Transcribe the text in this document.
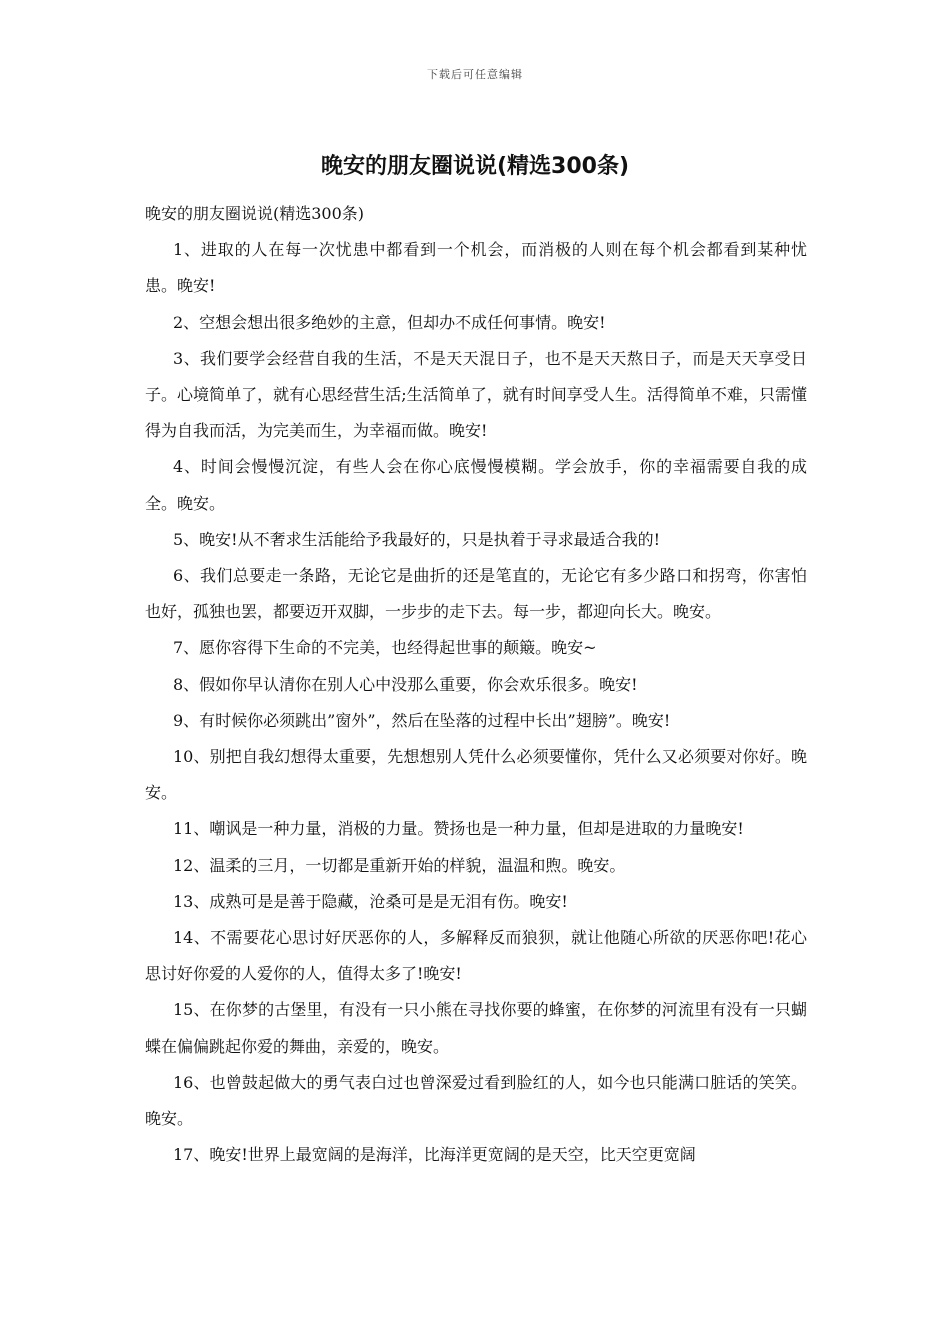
下载后可任意编辑
晚安的朋友圈说说(精选300条)

晚安的朋友圈说说(精选300条)

1、进取的人在每一次忧患中都看到一个机会，而消极的人则在每个机会都看到某种忧患。晚安!

2、空想会想出很多绝妙的主意，但却办不成任何事情。晚安!

3、我们要学会经营自我的生活，不是天天混日子，也不是天天熬日子，而是天天享受日子。心境简单了，就有心思经营生活;生活简单了，就有时间享受人生。活得简单不难，只需懂得为自我而活，为完美而生，为幸福而做。晚安!

4、时间会慢慢沉淀，有些人会在你心底慢慢模糊。学会放手，你的幸福需要自我的成全。晚安。

5、晚安!从不奢求生活能给予我最好的，只是执着于寻求最适合我的!

6、我们总要走一条路，无论它是曲折的还是笔直的，无论它有多少路口和拐弯，你害怕也好，孤独也罢，都要迈开双脚，一步步的走下去。每一步，都迎向长大。晚安。

7、愿你容得下生命的不完美，也经得起世事的颠簸。晚安~

8、假如你早认清你在别人心中没那么重要，你会欢乐很多。晚安!

9、有时候你必须跳出”窗外”，然后在坠落的过程中长出”翅膀”。晚安!

10、别把自我幻想得太重要，先想想别人凭什么必须要懂你，凭什么又必须要对你好。晚安。

11、嘲讽是一种力量，消极的力量。赞扬也是一种力量，但却是进取的力量晚安!

12、温柔的三月，一切都是重新开始的样貌，温温和煦。晚安。

13、成熟可是是善于隐藏，沧桑可是是无泪有伤。晚安!

14、不需要花心思讨好厌恶你的人，多解释反而狼狈，就让他随心所欲的厌恶你吧!花心思讨好你爱的人爱你的人，值得太多了!晚安!

15、在你梦的古堡里，有没有一只小熊在寻找你要的蜂蜜，在你梦的河流里有没有一只蝴蝶在偏偏跳起你爱的舞曲，亲爱的，晚安。

16、也曾鼓起做大的勇气表白过也曾深爱过看到脸红的人，如今也只能满口脏话的笑笑。晚安。

17、晚安!世界上最宽阔的是海洋，比海洋更宽阔的是天空，比天空更宽阔
